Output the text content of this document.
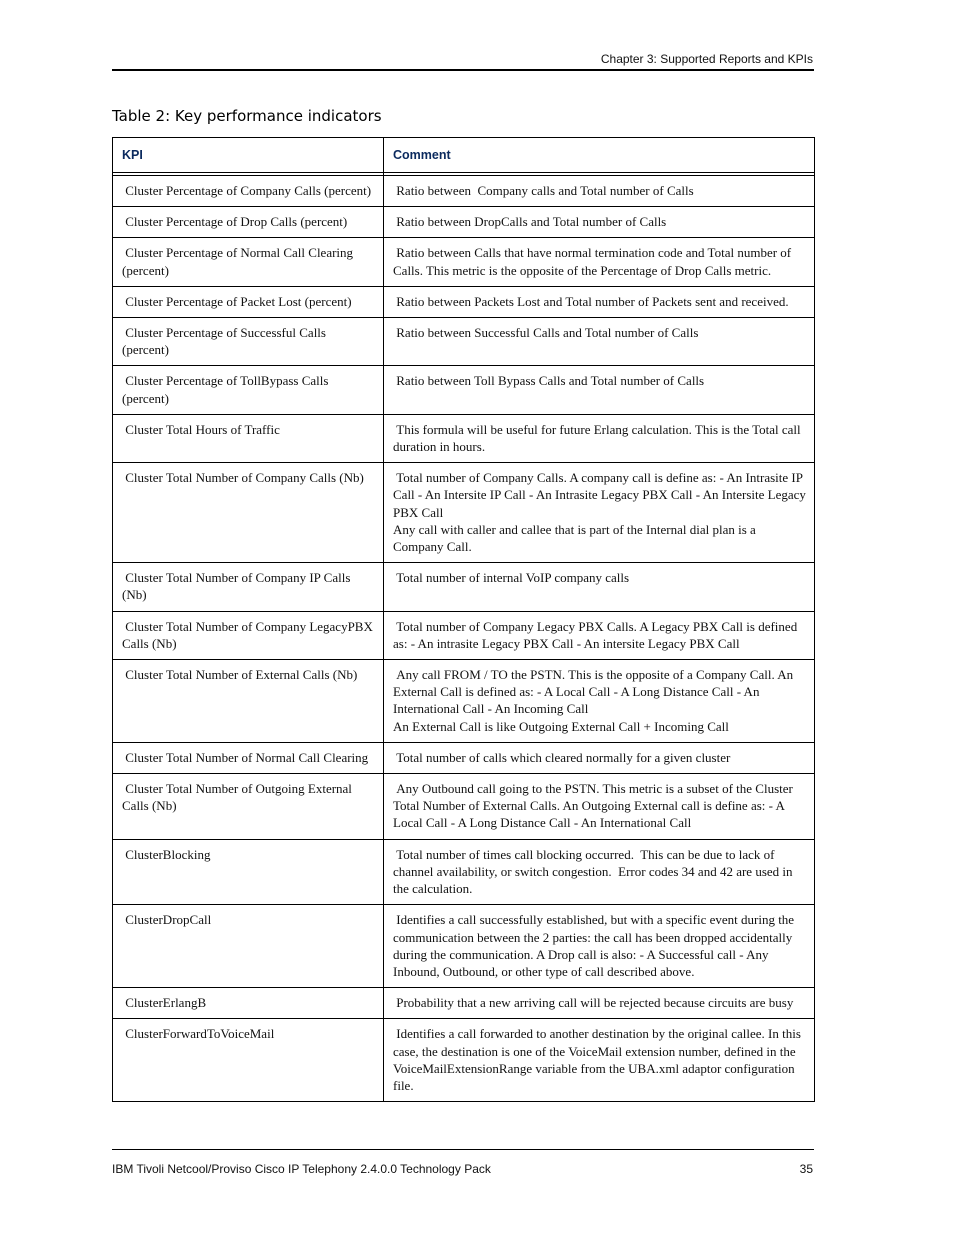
Chapter 3: Supported Reports and KPIs
Table 2: Key performance indicators
KPI	Comment

Cluster Percentage of Company Calls (percent)	Ratio between  Company calls and Total number of Calls
Cluster Percentage of Drop Calls (percent)	Ratio between DropCalls and Total number of Calls
Cluster Percentage of Normal Call Clearing (percent)	Ratio between Calls that have normal termination code and Total number of Calls. This metric is the opposite of the Percentage of Drop Calls metric.
Cluster Percentage of Packet Lost (percent)	Ratio between Packets Lost and Total number of Packets sent and received.
Cluster Percentage of Successful Calls (percent)	Ratio between Successful Calls and Total number of Calls
Cluster Percentage of TollBypass Calls (percent)	Ratio between Toll Bypass Calls and Total number of Calls
Cluster Total Hours of Traffic	This formula will be useful for future Erlang calculation. This is the Total call duration in hours.
Cluster Total Number of Company Calls (Nb)	Total number of Company Calls. A company call is define as: - An Intrasite IP Call - An Intersite IP Call - An Intrasite Legacy PBX Call - An Intersite Legacy PBX Call
Any call with caller and callee that is part of the Internal dial plan is a Company Call.
Cluster Total Number of Company IP Calls (Nb)	Total number of internal VoIP company calls
Cluster Total Number of Company LegacyPBX Calls (Nb)	Total number of Company Legacy PBX Calls. A Legacy PBX Call is defined as: - An intrasite Legacy PBX Call - An intersite Legacy PBX Call
Cluster Total Number of External Calls (Nb)	Any call FROM / TO the PSTN. This is the opposite of a Company Call. An External Call is defined as: - A Local Call - A Long Distance Call - An International Call - An Incoming Call
An External Call is like Outgoing External Call + Incoming Call
Cluster Total Number of Normal Call Clearing	Total number of calls which cleared normally for a given cluster
Cluster Total Number of Outgoing External Calls (Nb)	Any Outbound call going to the PSTN. This metric is a subset of the Cluster Total Number of External Calls. An Outgoing External call is define as: - A Local Call - A Long Distance Call - An International Call
ClusterBlocking	Total number of times call blocking occurred.  This can be due to lack of channel availability, or switch congestion.  Error codes 34 and 42 are used in the calculation.
ClusterDropCall	Identifies a call successfully established, but with a specific event during the communication between the 2 parties: the call has been dropped accidentally during the communication. A Drop call is also: - A Successful call - Any Inbound, Outbound, or other type of call described above.
ClusterErlangB	Probability that a new arriving call will be rejected because circuits are busy
ClusterForwardToVoiceMail	Identifies a call forwarded to another destination by the original callee. In this case, the destination is one of the VoiceMail extension number, defined in the VoiceMailExtensionRange variable from the UBA.xml adaptor configuration file.
IBM Tivoli Netcool/Proviso Cisco IP Telephony 2.4.0.0 Technology Pack	35
